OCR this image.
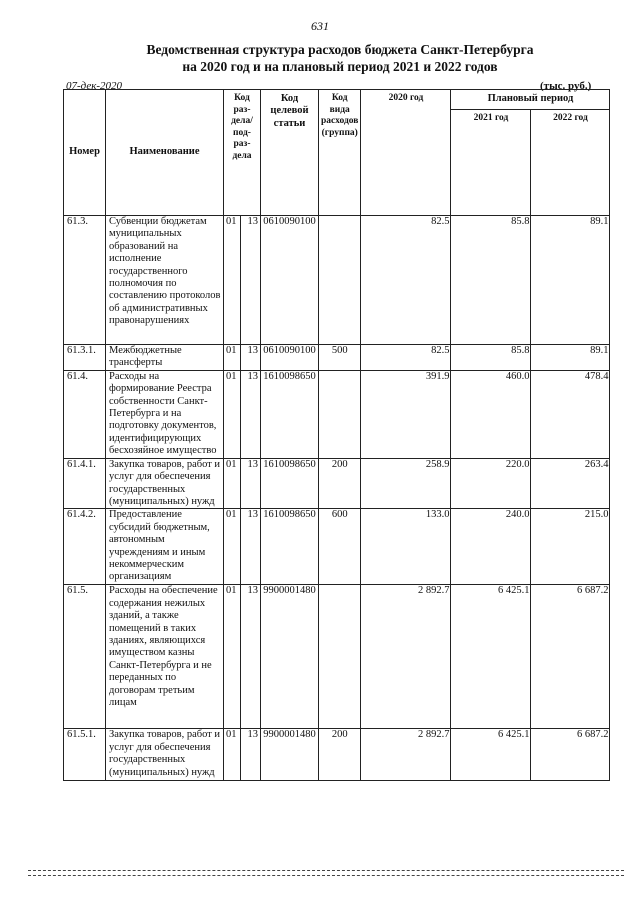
631
Ведомственная структура расходов бюджета Санкт-Петербурга
на 2020 год и на плановый период 2021 и 2022 годов
07-дек-2020	(тыс. руб.)
Номер	Наименование	Код раз- дела/ под- раз- дела		Код целевой статьи	Код вида расходов (группа)	2020 год	Плановый период	
							2021 год	2022 год
61.3.	Субвенции бюджетам муниципальных образований на исполнение государственного полномочия по составлению протоколов об административных правонарушениях	01	13	0610090100		82.5	85.8	89.1
61.3.1.	Межбюджетные трансферты	01	13	0610090100	500	82.5	85.8	89.1
61.4.	Расходы на формирование Реестра собственности Санкт-Петербурга и на подготовку документов, идентифицирующих бесхозяйное имущество	01	13	1610098650		391.9	460.0	478.4
61.4.1.	Закупка товаров, работ и услуг для обеспечения государственных (муниципальных) нужд	01	13	1610098650	200	258.9	220.0	263.4
61.4.2.	Предоставление субсидий бюджетным, автономным учреждениям и иным некоммерческим организациям	01	13	1610098650	600	133.0	240.0	215.0
61.5.	Расходы на обеспечение содержания нежилых зданий, а также помещений в таких зданиях, являющихся имуществом казны Санкт-Петербурга и не переданных по договорам третьим лицам	01	13	9900001480		2 892.7	6 425.1	6 687.2
61.5.1.	Закупка товаров, работ и услуг для обеспечения государственных (муниципальных) нужд	01	13	9900001480	200	2 892.7	6 425.1	6 687.2
